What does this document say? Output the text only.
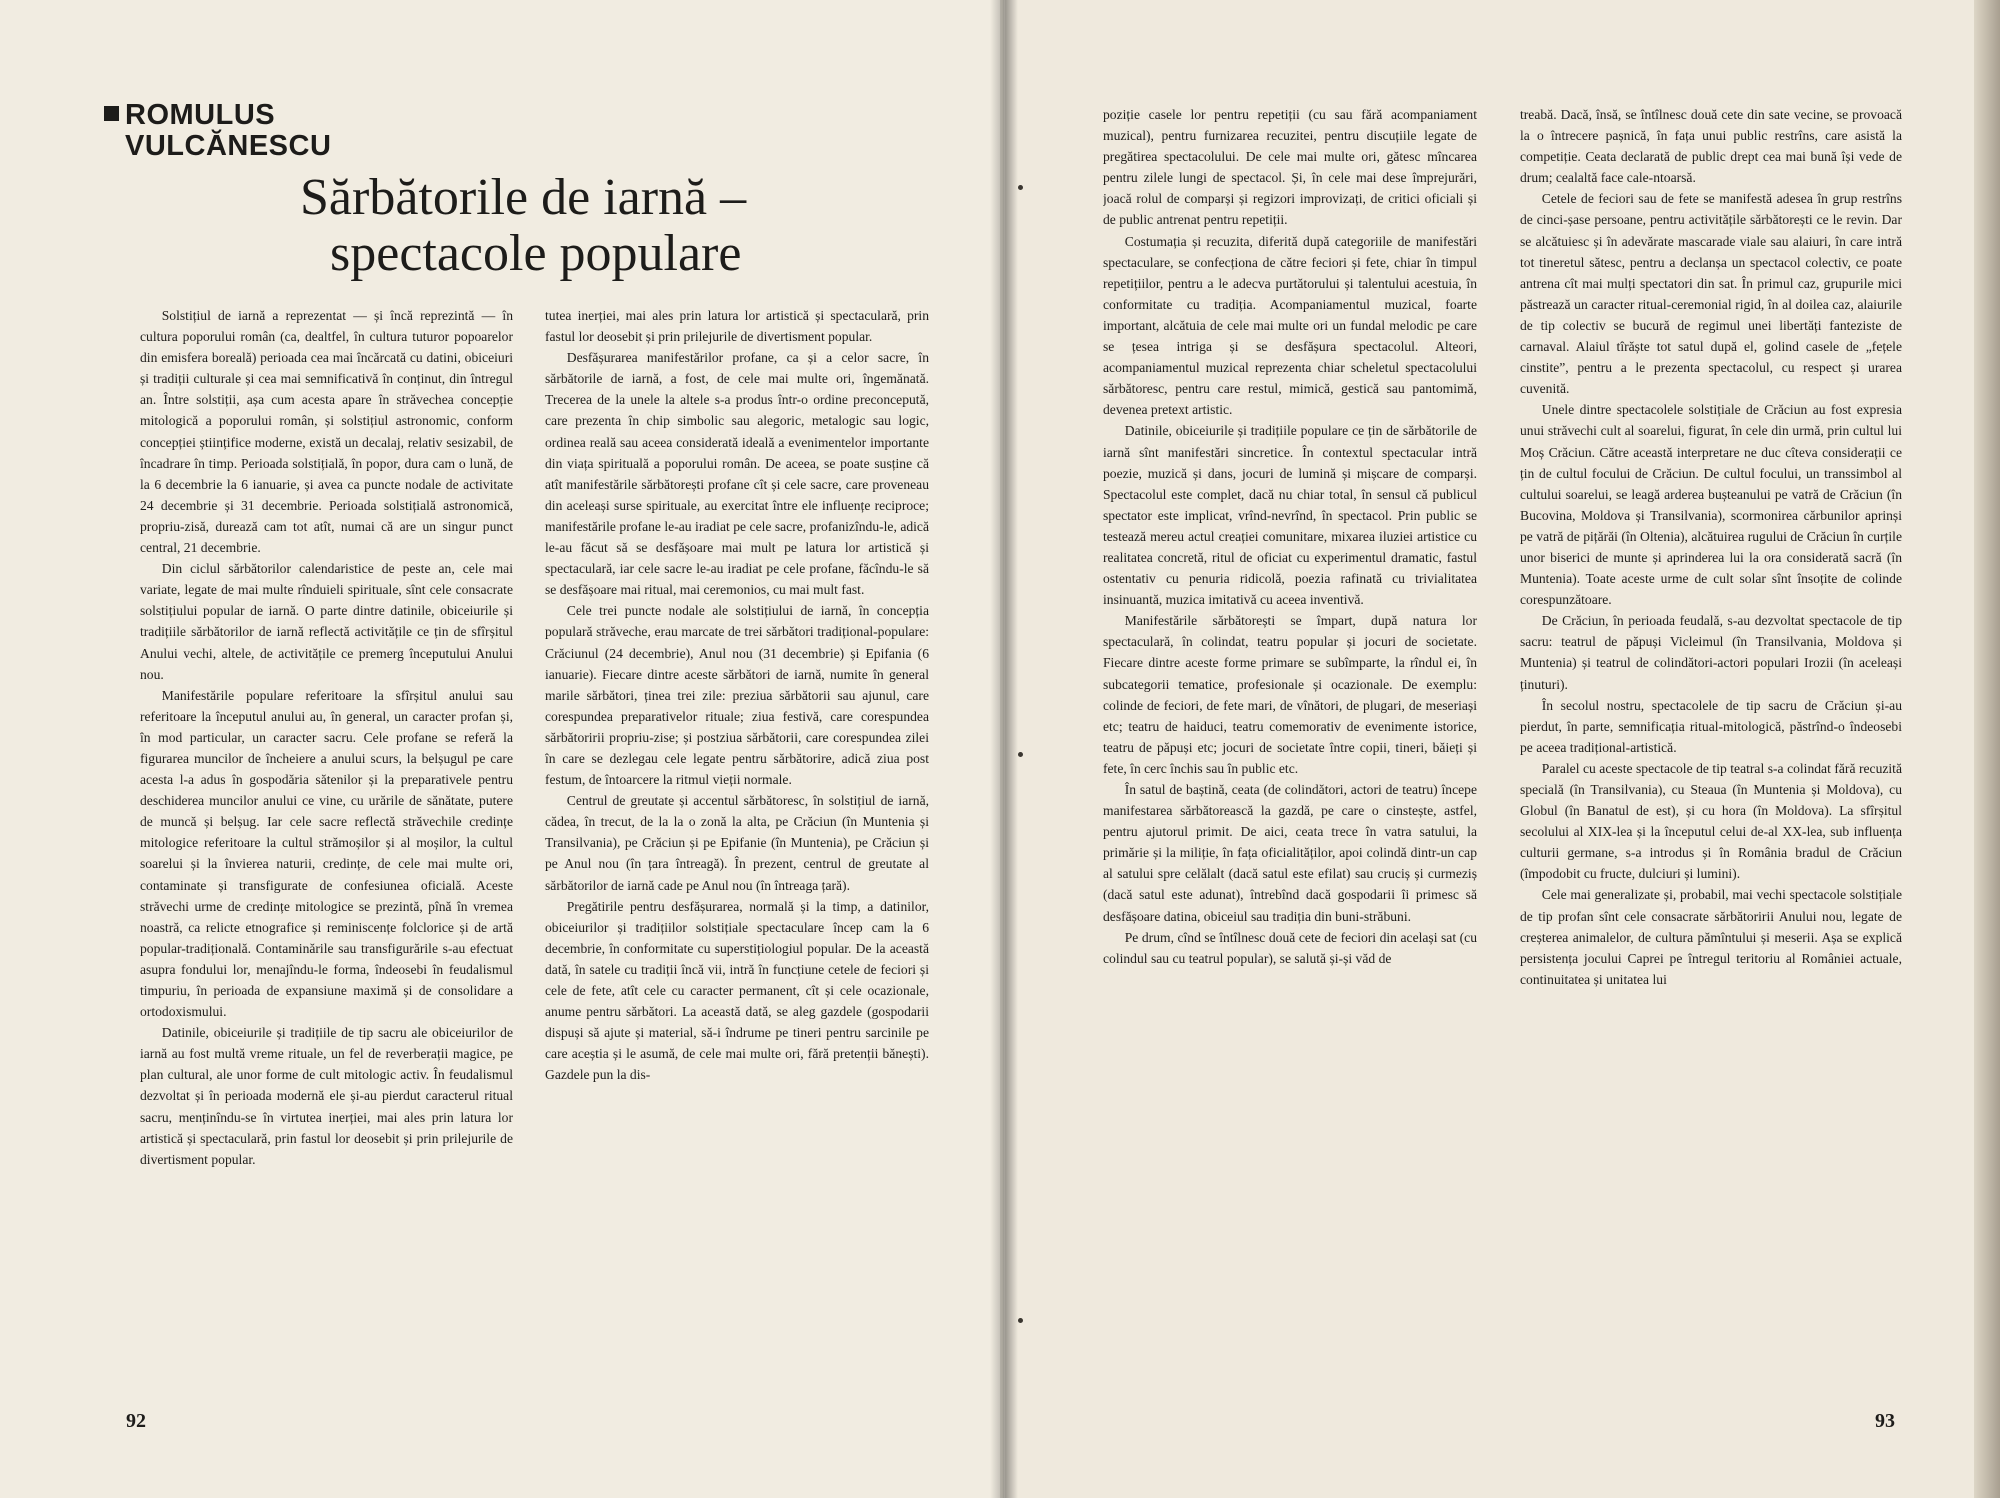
ROMULUS
VULCĂNESCU
Sărbătorile de iarnă –
spectacole populare

Solstițiul de iarnă a reprezentat — și încă reprezintă — în cultura poporului român (ca, dealtfel, în cultura tuturor popoarelor din emisfera boreală) perioada cea mai încărcată cu datini, obiceiuri și tradiții culturale și cea mai semnificativă în conținut, din întregul an. Între solstiții, așa cum acesta apare în străvechea concepție mitologică a poporului român, și solstițiul astronomic, conform concepției științifice moderne, există un decalaj, relativ sesizabil, de încadrare în timp. Perioada solstițială, în popor, dura cam o lună, de la 6 decembrie la 6 ianuarie, și avea ca puncte nodale de activitate 24 decembrie și 31 decembrie. Perioada solstițială astronomică, propriu-zisă, durează cam tot atît, numai că are un singur punct central, 21 decembrie.

Din ciclul sărbătorilor calendaristice de peste an, cele mai variate, legate de mai multe rînduieli spirituale, sînt cele consacrate solstițiului popular de iarnă. O parte dintre datinile, obiceiurile și tradițiile sărbătorilor de iarnă reflectă activitățile ce țin de sfîrșitul Anului vechi, altele, de activitățile ce premerg începutului Anului nou.

Manifestările populare referitoare la sfîrșitul anului sau referitoare la începutul anului au, în general, un caracter profan și, în mod particular, un caracter sacru. Cele profane se referă la figurarea muncilor de încheiere a anului scurs, la belșugul pe care acesta l-a adus în gospodăria sătenilor și la preparativele pentru deschiderea muncilor anului ce vine, cu urările de sănătate, putere de muncă și belșug. Iar cele sacre reflectă străvechile credințe mitologice referitoare la cultul strămoșilor și al moșilor, la cultul soarelui și la învierea naturii, credințe, de cele mai multe ori, contaminate și transfigurate de confesiunea oficială. Aceste străvechi urme de credințe mitologice se prezintă, pînă în vremea noastră, ca relicte etnografice și reminiscențe folclorice și de artă popular-tradițională. Contaminările sau transfigurările s-au efectuat asupra fondului lor, menajîndu-le forma, îndeosebi în feudalismul timpuriu, în perioada de expansiune maximă și de consolidare a ortodoxismului.

Datinile, obiceiurile și tradițiile de tip sacru ale obiceiurilor de iarnă au fost multă vreme rituale, un fel de reverberații magice, pe plan cultural, ale unor forme de cult mitologic activ. În feudalismul dezvoltat și în perioada modernă ele și-au pierdut caracterul ritual sacru, menținîndu-se în virtutea inerției, mai ales prin latura lor artistică și spectaculară, prin fastul lor deosebit și prin prilejurile de divertisment popular.

tutea inerției, mai ales prin latura lor artistică și spectaculară, prin fastul lor deosebit și prin prilejurile de divertisment popular.

Desfășurarea manifestărilor profane, ca și a celor sacre, în sărbătorile de iarnă, a fost, de cele mai multe ori, îngemănată. Trecerea de la unele la altele s-a produs într-o ordine preconcepută, care prezenta în chip simbolic sau alegoric, metalogic sau logic, ordinea reală sau aceea considerată ideală a evenimentelor importante din viața spirituală a poporului român. De aceea, se poate susține că atît manifestările sărbătorești profane cît și cele sacre, care proveneau din aceleași surse spirituale, au exercitat între ele influențe reciproce; manifestările profane le-au iradiat pe cele sacre, profanizîndu-le, adică le-au făcut să se desfășoare mai mult pe latura lor artistică și spectaculară, iar cele sacre le-au iradiat pe cele profane, făcîndu-le să se desfășoare mai ritual, mai ceremonios, cu mai mult fast.

Cele trei puncte nodale ale solstițiului de iarnă, în concepția populară străveche, erau marcate de trei sărbători tradițional-populare: Crăciunul (24 decembrie), Anul nou (31 decembrie) și Epifania (6 ianuarie). Fiecare dintre aceste sărbători de iarnă, numite în general marile sărbători, ținea trei zile: preziua sărbătorii sau ajunul, care corespundea preparativelor rituale; ziua festivă, care corespundea sărbătoririi propriu-zise; și postziua sărbătorii, care corespundea zilei în care se dezlegau cele legate pentru sărbătorire, adică ziua post festum, de întoarcere la ritmul vieții normale.

Centrul de greutate și accentul sărbătoresc, în solstițiul de iarnă, cădea, în trecut, de la la o zonă la alta, pe Crăciun (în Muntenia și Transilvania), pe Crăciun și pe Epifanie (în Muntenia), pe Crăciun și pe Anul nou (în țara întreagă). În prezent, centrul de greutate al sărbătorilor de iarnă cade pe Anul nou (în întreaga țară).

Pregătirile pentru desfășurarea, normală și la timp, a datinilor, obiceiurilor și tradițiilor solstițiale spectaculare încep cam la 6 decembrie, în conformitate cu superstițiologiul popular. De la această dată, în satele cu tradiții încă vii, intră în funcțiune cetele de feciori și cele de fete, atît cele cu caracter permanent, cît și cele ocazionale, anume pentru sărbători. La această dată, se aleg gazdele (gospodarii dispuși să ajute și material, să-i îndrume pe tineri pentru sarcinile pe care aceștia și le asumă, de cele mai multe ori, fără pretenții bănești). Gazdele pun la dis-

92

poziție casele lor pentru repetiții (cu sau fără acompaniament muzical), pentru furnizarea recuzitei, pentru discuțiile legate de pregătirea spectacolului. De cele mai multe ori, gătesc mîncarea pentru zilele lungi de spectacol. Și, în cele mai dese împrejurări, joacă rolul de comparși și regizori improvizați, de critici oficiali și de public antrenat pentru repetiții.

Costumația și recuzita, diferită după categoriile de manifestări spectaculare, se confecționa de către feciori și fete, chiar în timpul repetițiilor, pentru a le adecva purtătorului și talentului acestuia, în conformitate cu tradiția. Acompaniamentul muzical, foarte important, alcătuia de cele mai multe ori un fundal melodic pe care se țesea intriga și se desfășura spectacolul. Alteori, acompaniamentul muzical reprezenta chiar scheletul spectacolului sărbătoresc, pentru care restul, mimică, gestică sau pantomimă, devenea pretext artistic.

Datinile, obiceiurile și tradițiile populare ce țin de sărbătorile de iarnă sînt manifestări sincretice. În contextul spectacular intră poezie, muzică și dans, jocuri de lumină și mișcare de comparși. Spectacolul este complet, dacă nu chiar total, în sensul că publicul spectator este implicat, vrînd-nevrînd, în spectacol. Prin public se testează mereu actul creației comunitare, mixarea iluziei artistice cu realitatea concretă, ritul de oficiat cu experimentul dramatic, fastul ostentativ cu penuria ridicolă, poezia rafinată cu trivialitatea insinuantă, muzica imitativă cu aceea inventivă.

Manifestările sărbătorești se împart, după natura lor spectaculară, în colindat, teatru popular și jocuri de societate. Fiecare dintre aceste forme primare se subîmparte, la rîndul ei, în subcategorii tematice, profesionale și ocazionale. De exemplu: colinde de feciori, de fete mari, de vînători, de plugari, de meseriași etc; teatru de haiduci, teatru comemorativ de evenimente istorice, teatru de păpuși etc; jocuri de societate între copii, tineri, băieți și fete, în cerc închis sau în public etc.

În satul de baștină, ceata (de colindători, actori de teatru) începe manifestarea sărbătorească la gazdă, pe care o cinstește, astfel, pentru ajutorul primit. De aici, ceata trece în vatra satului, la primărie și la miliție, în fața oficialităților, apoi colindă dintr-un cap al satului spre celălalt (dacă satul este efilat) sau cruciș și curmeziș (dacă satul este adunat), întrebînd dacă gospodarii îi primesc să desfășoare datina, obiceiul sau tradiția din buni-străbuni.

Pe drum, cînd se întîlnesc două cete de feciori din același sat (cu colindul sau cu teatrul popular), se salută și-și văd de

treabă. Dacă, însă, se întîlnesc două cete din sate vecine, se provoacă la o întrecere pașnică, în fața unui public restrîns, care asistă la competiție. Ceata declarată de public drept cea mai bună își vede de drum; cealaltă face cale-ntoarsă.

Cetele de feciori sau de fete se manifestă adesea în grup restrîns de cinci-șase persoane, pentru activitățile sărbătorești ce le revin. Dar se alcătuiesc și în adevărate mascarade viale sau alaiuri, în care intră tot tineretul sătesc, pentru a declanșa un spectacol colectiv, ce poate antrena cît mai mulți spectatori din sat. În primul caz, grupurile mici păstrează un caracter ritual-ceremonial rigid, în al doilea caz, alaiurile de tip colectiv se bucură de regimul unei libertăți fanteziste de carnaval. Alaiul tîrăște tot satul după el, golind casele de „fețele cinstite”, pentru a le prezenta spectacolul, cu respect și urarea cuvenită.

Unele dintre spectacolele solstițiale de Crăciun au fost expresia unui străvechi cult al soarelui, figurat, în cele din urmă, prin cultul lui Moș Crăciun. Către această interpretare ne duc cîteva considerații ce țin de cultul focului de Crăciun. De cultul focului, un transsimbol al cultului soarelui, se leagă arderea bușteanului pe vatră de Crăciun (în Bucovina, Moldova și Transilvania), scormonirea cărbunilor aprinși pe vatră de pițărăi (în Oltenia), alcătuirea rugului de Crăciun în curțile unor biserici de munte și aprinderea lui la ora considerată sacră (în Muntenia). Toate aceste urme de cult solar sînt însoțite de colinde corespunzătoare.

De Crăciun, în perioada feudală, s-au dezvoltat spectacole de tip sacru: teatrul de păpuși Vicleimul (în Transilvania, Moldova și Muntenia) și teatrul de colindători-actori populari Irozii (în aceleași ținuturi).

În secolul nostru, spectacolele de tip sacru de Crăciun și-au pierdut, în parte, semnificația ritual-mitologică, păstrînd-o îndeosebi pe aceea tradițional-artistică.

Paralel cu aceste spectacole de tip teatral s-a colindat fără recuzită specială (în Transilvania), cu Steaua (în Muntenia și Moldova), cu Globul (în Banatul de est), și cu hora (în Moldova). La sfîrșitul secolului al XIX-lea și la începutul celui de-al XX-lea, sub influența culturii germane, s-a introdus și în România bradul de Crăciun (împodobit cu fructe, dulciuri și lumini).

Cele mai generalizate și, probabil, mai vechi spectacole solstițiale de tip profan sînt cele consacrate sărbătoririi Anului nou, legate de creșterea animalelor, de cultura pămîntului și meserii. Așa se explică persistența jocului Caprei pe întregul teritoriu al României actuale, continuitatea și unitatea lui

93
